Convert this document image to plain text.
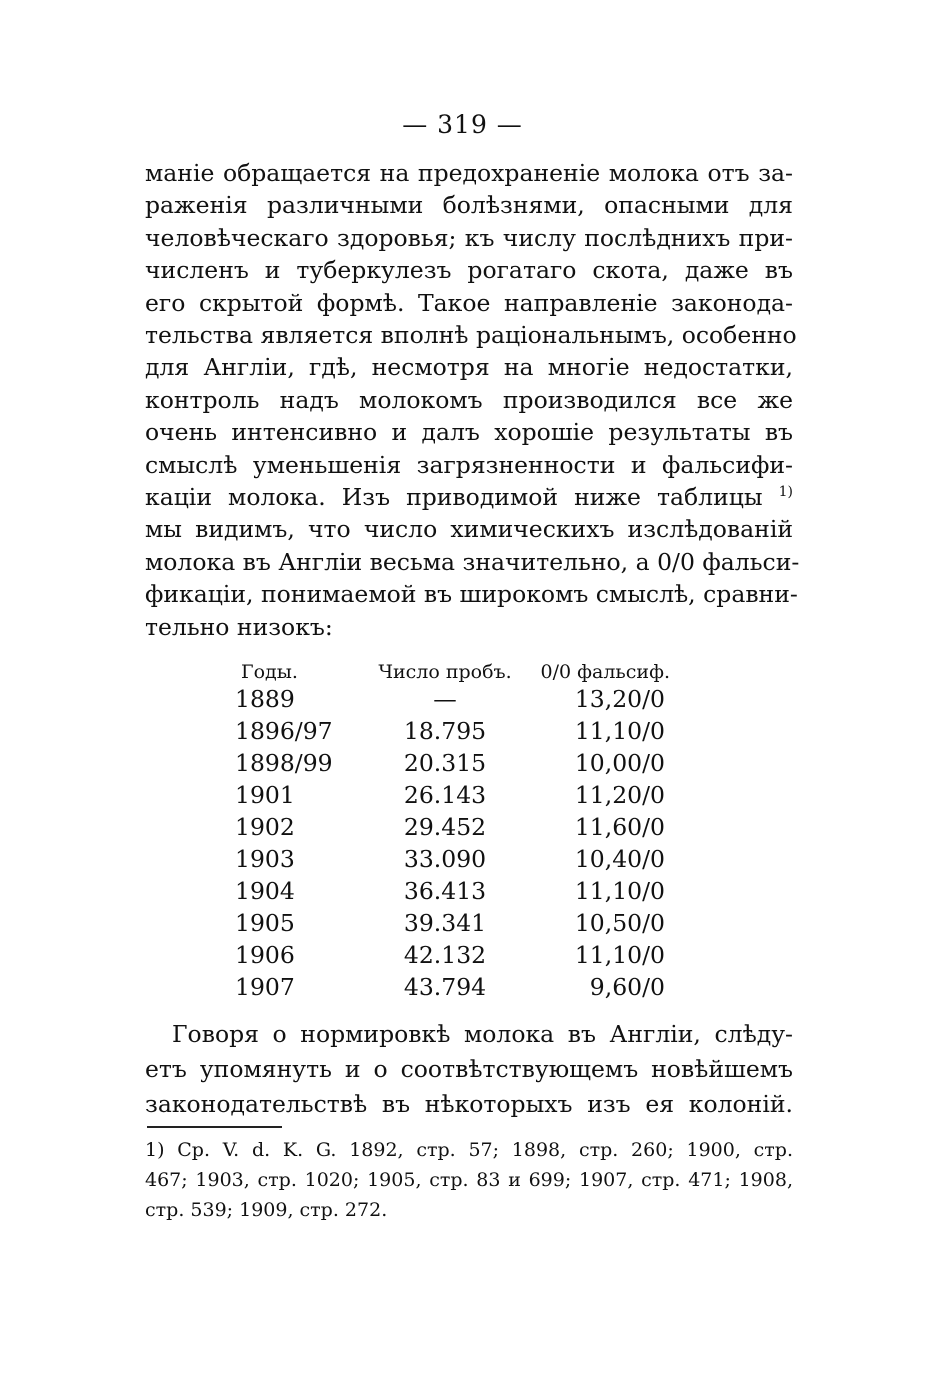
— 319 —
маніе обращается на предохраненіе молока отъ за-
раженія различными болѣзнями, опасными для
человѣческаго здоровья; къ числу послѣднихъ при-
численъ и туберкулезъ рогатаго скота, даже въ
его скрытой формѣ. Такое направленіе законода-
тельства является вполнѣ раціональнымъ, особенно
для Англіи, гдѣ, несмотря на многіе недостатки,
контроль надъ молокомъ производился все же
очень интенсивно и далъ хорошіе результаты въ
смыслѣ уменьшенія загрязненности и фальсифи-
каціи молока. Изъ приводимой ниже таблицы $^{1)}$
мы видимъ, что число химическихъ изслѣдованій
молока въ Англіи весьма значительно, а 0/0 фальси-
фикаціи, понимаемой въ широкомъ смыслѣ, сравни-
тельно низокъ:
Годы.	Число пробъ.	0/0 фальсиф.
1889	—	13,20/0
1896/97	18.795	11,10/0
1898/99	20.315	10,00/0
1901	26.143	11,20/0
1902	29.452	11,60/0
1903	33.090	10,40/0
1904	36.413	11,10/0
1905	39.341	10,50/0
1906	42.132	11,10/0
1907	43.794	9,60/0
Говоря о нормировкѣ молока въ Англіи, слѣду-
етъ упомянуть и о соотвѣтствующемъ новѣйшемъ
законодательствѣ въ нѣкоторыхъ изъ ея колоній.
1) Cp. V. d. K. G. 1892, стр. 57; 1898, стр. 260; 1900, стр.
467; 1903, стр. 1020; 1905, стр. 83 и 699; 1907, стр. 471; 1908,
стр. 539; 1909, стр. 272.
